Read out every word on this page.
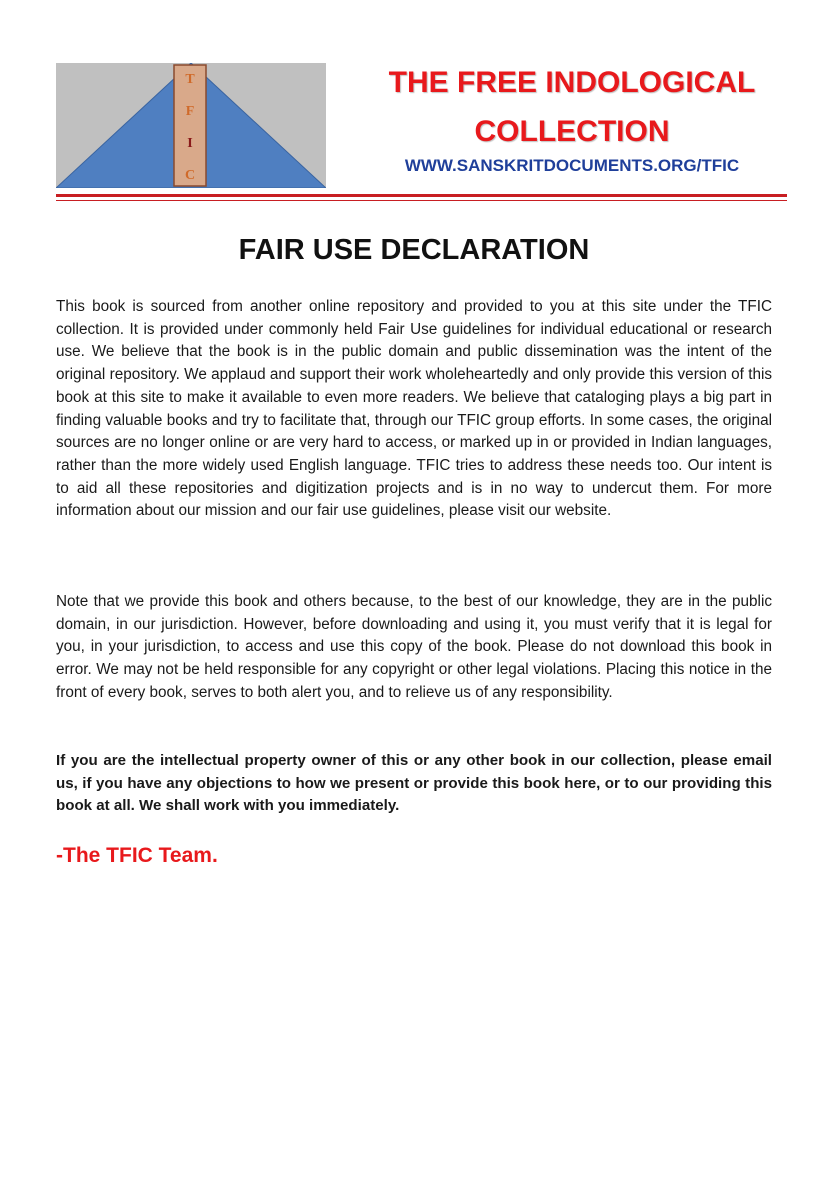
T
F
I
C
THE FREE INDOLOGICAL
COLLECTION

WWW.SANSKRITDOCUMENTS.ORG/TFIC

FAIR USE DECLARATION

This book is sourced from another online repository and provided to you at this site under the TFIC collection. It is provided under commonly held Fair Use guidelines for individual educational or research use. We believe that the book is in the public domain and public dissemination was the intent of the original repository. We applaud and support their work wholeheartedly and only provide this version of this book at this site to make it available to even more readers. We believe that cataloging plays a big part in finding valuable books and try to facilitate that, through our TFIC group efforts. In some cases, the original sources are no longer online or are very hard to access, or marked up in or provided in Indian languages, rather than the more widely used English language. TFIC tries to address these needs too. Our intent is to aid all these repositories and digitization projects and is in no way to undercut them. For more information about our mission and our fair use guidelines, please visit our website.

Note that we provide this book and others because, to the best of our knowledge, they are in the public domain, in our jurisdiction. However, before downloading and using it, you must verify that it is legal for you, in your jurisdiction, to access and use this copy of the book. Please do not download this book in error. We may not be held responsible for any copyright or other legal violations. Placing this notice in the front of every book, serves to both alert you, and to relieve us of any responsibility.

If you are the intellectual property owner of this or any other book in our collection, please email us, if you have any objections to how we present or provide this book here, or to our providing this book at all. We shall work with you immediately.

-The TFIC Team.
